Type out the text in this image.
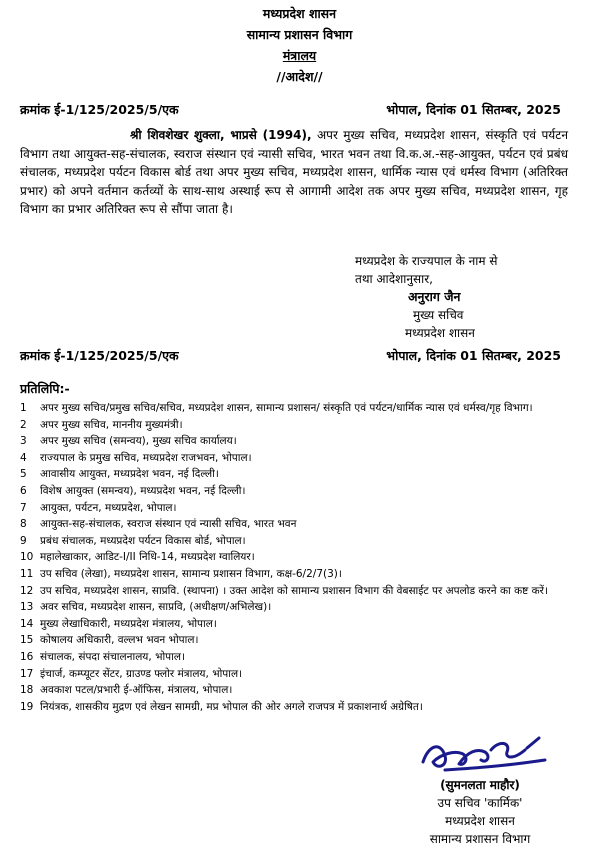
मध्यप्रदेश शासन
सामान्य प्रशासन विभाग
मंत्रालय
//आदेश//
क्रमांक ई-1/125/2025/5/एक	भोपाल, दिनांक 01 सितम्बर, 2025
श्री शिवशेखर शुक्ला, भाप्रसे (1994), अपर मुख्य सचिव, मध्यप्रदेश शासन, संस्कृति एवं पर्यटन विभाग तथा आयुक्त-सह-संचालक, स्वराज संस्थान एवं न्यासी सचिव, भारत भवन तथा वि.क.अ.-सह-आयुक्त, पर्यटन एवं प्रबंध संचालक, मध्यप्रदेश पर्यटन विकास बोर्ड तथा अपर मुख्य सचिव, मध्यप्रदेश शासन, धार्मिक न्यास एवं धर्मस्व विभाग (अतिरिक्त प्रभार) को अपने वर्तमान कर्तव्यों के साथ-साथ अस्थाई रूप से आगामी आदेश तक अपर मुख्य सचिव, मध्यप्रदेश शासन, गृह विभाग का प्रभार अतिरिक्त रूप से सौंपा जाता है।
मध्यप्रदेश के राज्यपाल के नाम से
तथा आदेशानुसार,
अनुराग जैन
मुख्य सचिव
मध्यप्रदेश शासन
क्रमांक ई-1/125/2025/5/एक	भोपाल, दिनांक 01 सितम्बर, 2025
प्रतिलिपि:-
1	अपर मुख्य सचिव/प्रमुख सचिव/सचिव, मध्यप्रदेश शासन, सामान्य प्रशासन/ संस्कृति एवं पर्यटन/धार्मिक न्यास एवं धर्मस्व/गृह विभाग।
2	अपर मुख्य सचिव, माननीय मुख्यमंत्री।
3	अपर मुख्य सचिव (समन्वय), मुख्य सचिव कार्यालय।
4	राज्यपाल के प्रमुख सचिव, मध्यप्रदेश राजभवन, भोपाल।
5	आवासीय आयुक्त, मध्यप्रदेश भवन, नई दिल्ली।
6	विशेष आयुक्त (समन्वय), मध्यप्रदेश भवन, नई दिल्ली।
7	आयुक्त, पर्यटन, मध्यप्रदेश, भोपाल।
8	आयुक्त-सह-संचालक, स्वराज संस्थान एवं न्यासी सचिव, भारत भवन
9	प्रबंध संचालक, मध्यप्रदेश पर्यटन विकास बोर्ड, भोपाल।
10 महालेखाकार, आडिट-I/II निधि-14, मध्यप्रदेश ग्वालियर।
11 उप सचिव (लेखा), मध्यप्रदेश शासन, सामान्य प्रशासन विभाग, कक्ष-6/2/7(3)।
12 उप सचिव, मध्यप्रदेश शासन, साप्रवि. (स्थापना) । उक्त आदेश को सामान्य प्रशासन विभाग की वेबसाईट पर अपलोड करने का कष्ट करें।
13 अवर सचिव, मध्यप्रदेश शासन, साप्रवि, (अधीक्षण/अभिलेख)।
14 मुख्य लेखाधिकारी, मध्यप्रदेश मंत्रालय, भोपाल।
15 कोषालय अधिकारी, वल्लभ भवन भोपाल।
16 संचालक, संपदा संचालनालय, भोपाल।
17 इंचार्ज, कम्प्यूटर सेंटर, ग्राउण्ड फ्लोर मंत्रालय, भोपाल।
18 अवकाश पटल/प्रभारी ई-ऑफिस, मंत्रालय, भोपाल।
19 नियंत्रक, शासकीय मुद्रण एवं लेखन सामग्री, मप्र भोपाल की ओर अगले राजपत्र में प्रकाशनार्थ अग्रेषित।
(सुमनलता माहौर)
उप सचिव 'कार्मिक'
मध्यप्रदेश शासन
सामान्य प्रशासन विभाग
